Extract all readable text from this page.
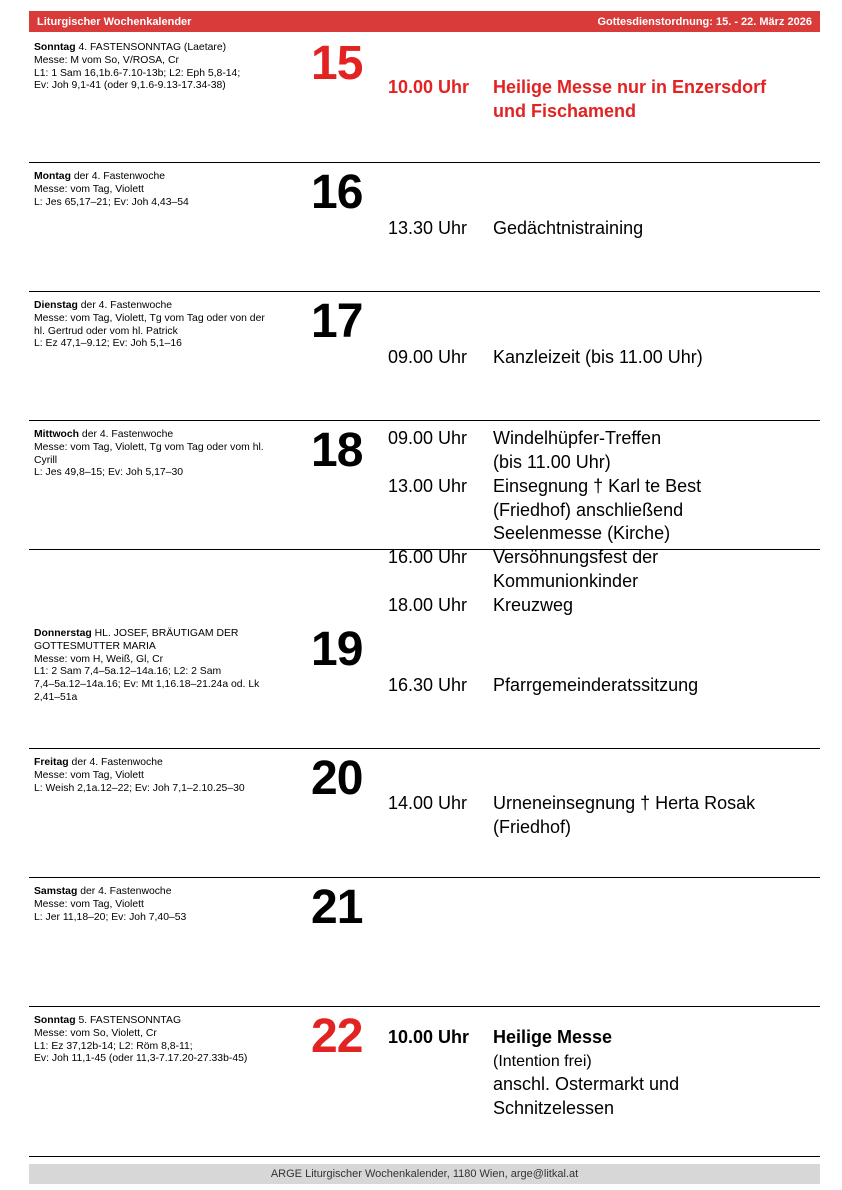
Liturgischer Wochenkalender	Gottesdienstordnung: 15. - 22. März 2026
Sonntag 4. FASTENSONNTAG (Laetare)
Messe: M vom So, V/ROSA, Cr
L1: 1 Sam 16,1b.6-7.10-13b; L2: Eph 5,8-14;
Ev: Joh 9,1-41 (oder 9,1.6-9.13-17.34-38)	15 10.00 Uhr	Heilige Messe nur in Enzersdorf
und Fischamend
Montag der 4. Fastenwoche
Messe: vom Tag, Violett
L: Jes 65,17–21; Ev: Joh 4,43–54	16
13.30 Uhr	Gedächtnistraining
Dienstag der 4. Fastenwoche
Messe: vom Tag, Violett, Tg vom Tag oder von der
hl. Gertrud oder vom hl. Patrick
L: Ez 47,1–9.12; Ev: Joh 5,1–16	17
09.00 Uhr	Kanzleizeit (bis 11.00 Uhr)
Mittwoch der 4. Fastenwoche
Messe: vom Tag, Violett, Tg vom Tag oder vom hl.
Cyrill
L: Jes 49,8–15; Ev: Joh 5,17–30	18 09.00 Uhr	Windelhüpfer-Treffen
(bis 11.00 Uhr)
13.00 Uhr	Einsegnung † Karl te Best
(Friedhof) anschließend
Seelenmesse (Kirche)
16.00 Uhr	Versöhnungsfest der
Kommunionkinder
18.00 Uhr	Kreuzweg
Donnerstag HL. JOSEF, BRÄUTIGAM DER GOTTESMUTTER MARIA
Messe: vom H, Weiß, Gl, Cr
L1: 2 Sam 7,4–5a.12–14a.16; L2: 2 Sam
7,4–5a.12–14a.16; Ev: Mt 1,16.18–21.24a od. Lk
2,41–51a
19
16.30 Uhr	Pfarrgemeinderatssitzung
Freitag der 4. Fastenwoche
Messe: vom Tag, Violett
L: Weish 2,1a.12–22; Ev: Joh 7,1–2.10.25–30	20 14.00 Uhr	Urneneinsegnung † Herta Rosak
(Friedhof)
Samstag der 4. Fastenwoche
Messe: vom Tag, Violett
L: Jer 11,18–20; Ev: Joh 7,40–53	21
Sonntag 5. FASTENSONNTAG
Messe: vom So, Violett, Cr
L1: Ez 37,12b-14; L2: Röm 8,8-11;
Ev: Joh 11,1-45 (oder 11,3-7.17.20-27.33b-45)	22 10.00 Uhr	Heilige Messe
(Intention frei)
anschl. Ostermarkt und
Schnitzelessen
ARGE Liturgischer Wochenkalender, 1180 Wien, arge@litkal.at
